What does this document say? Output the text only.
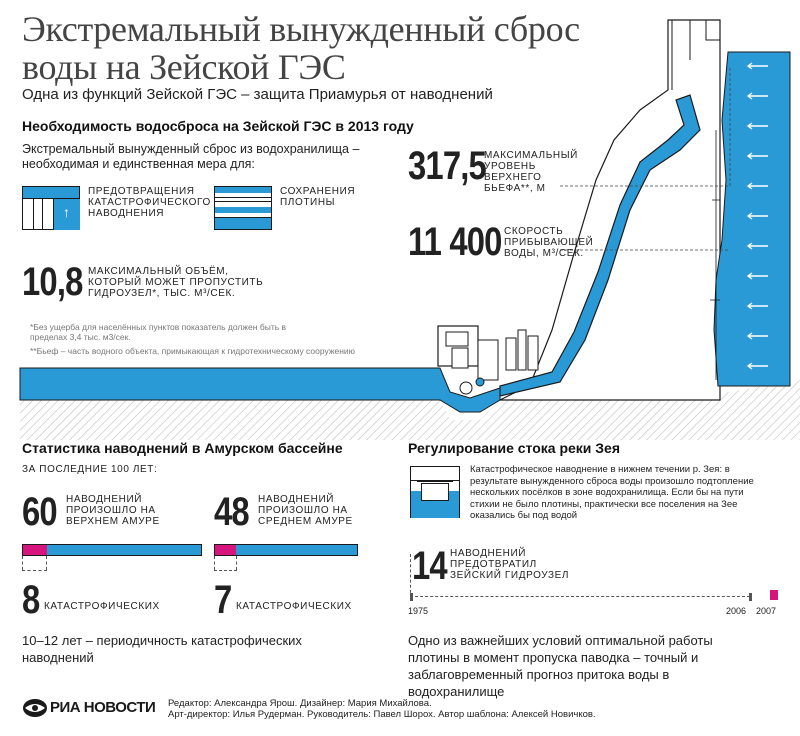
Экстремальный вынужденный сброс воды на Зейской ГЭС
Одна из функций Зейской ГЭС – защита Приамурья от наводнений
Необходимость водосброса на Зейской ГЭС в 2013 году
Экстремальный вынужденный сброс из водохранилища – необходимая и единственная мера для:
↑
ПРЕДОТВРАЩЕНИЯ КАТАСТРОФИЧЕСКОГО НАВОДНЕНИЯ
СОХРАНЕНИЯ ПЛОТИНЫ
10,8 МАКСИМАЛЬНЫЙ ОБЪЁМ, КОТОРЫЙ МОЖЕТ ПРОПУСТИТЬ ГИДРОУЗЕЛ*, ТЫС. М³/СЕК.
*Без ущерба для населённых пунктов показатель должен быть в пределах 3,4 тыс. м3/сек.
**Бьеф – часть водного объекта, примыкающая к гидротехническому сооружению
317,5
МАКСИМАЛЬНЫЙ УРОВЕНЬ ВЕРХНЕГО БЬЕФА**, М
11 400 СКОРОСТЬ ПРИБЫВАЮЩЕЙ ВОДЫ, М³/СЕК.
Статистика наводнений в Амурском бассейне
ЗА ПОСЛЕДНИЕ 100 ЛЕТ:
60 НАВОДНЕНИЙ ПРОИЗОШЛО НА ВЕРХНЕМ АМУРЕ
8 КАТАСТРОФИЧЕСКИХ
48 НАВОДНЕНИЙ ПРОИЗОШЛО НА СРЕДНЕМ АМУРЕ
7 КАТАСТРОФИЧЕСКИХ
10–12 лет – периодичность катастрофических наводнений
Регулирование стока реки Зея
Катастрофическое наводнение в нижнем течении р. Зея: в результате вынужденного сброса воды произошло подтопление нескольких посёлков в зоне водохранилища. Если бы на пути стихии не было плотины, практически все поселения на Зее оказались бы под водой
14 НАВОДНЕНИЙ ПРЕДОТВРАТИЛ ЗЕЙСКИЙ ГИДРОУЗЕЛ
1975	2006 2007
Одно из важнейших условий оптимальной работы плотины в момент пропуска паводка – точный и заблаговременный прогноз притока воды в водохранилище
РИА НОВОСТИ Редактор: Александра Ярош. Дизайнер: Мария Михайлова.
Арт-директор: Илья Рудерман. Руководитель: Павел Шорох. Автор шаблона: Алексей Новичков.
